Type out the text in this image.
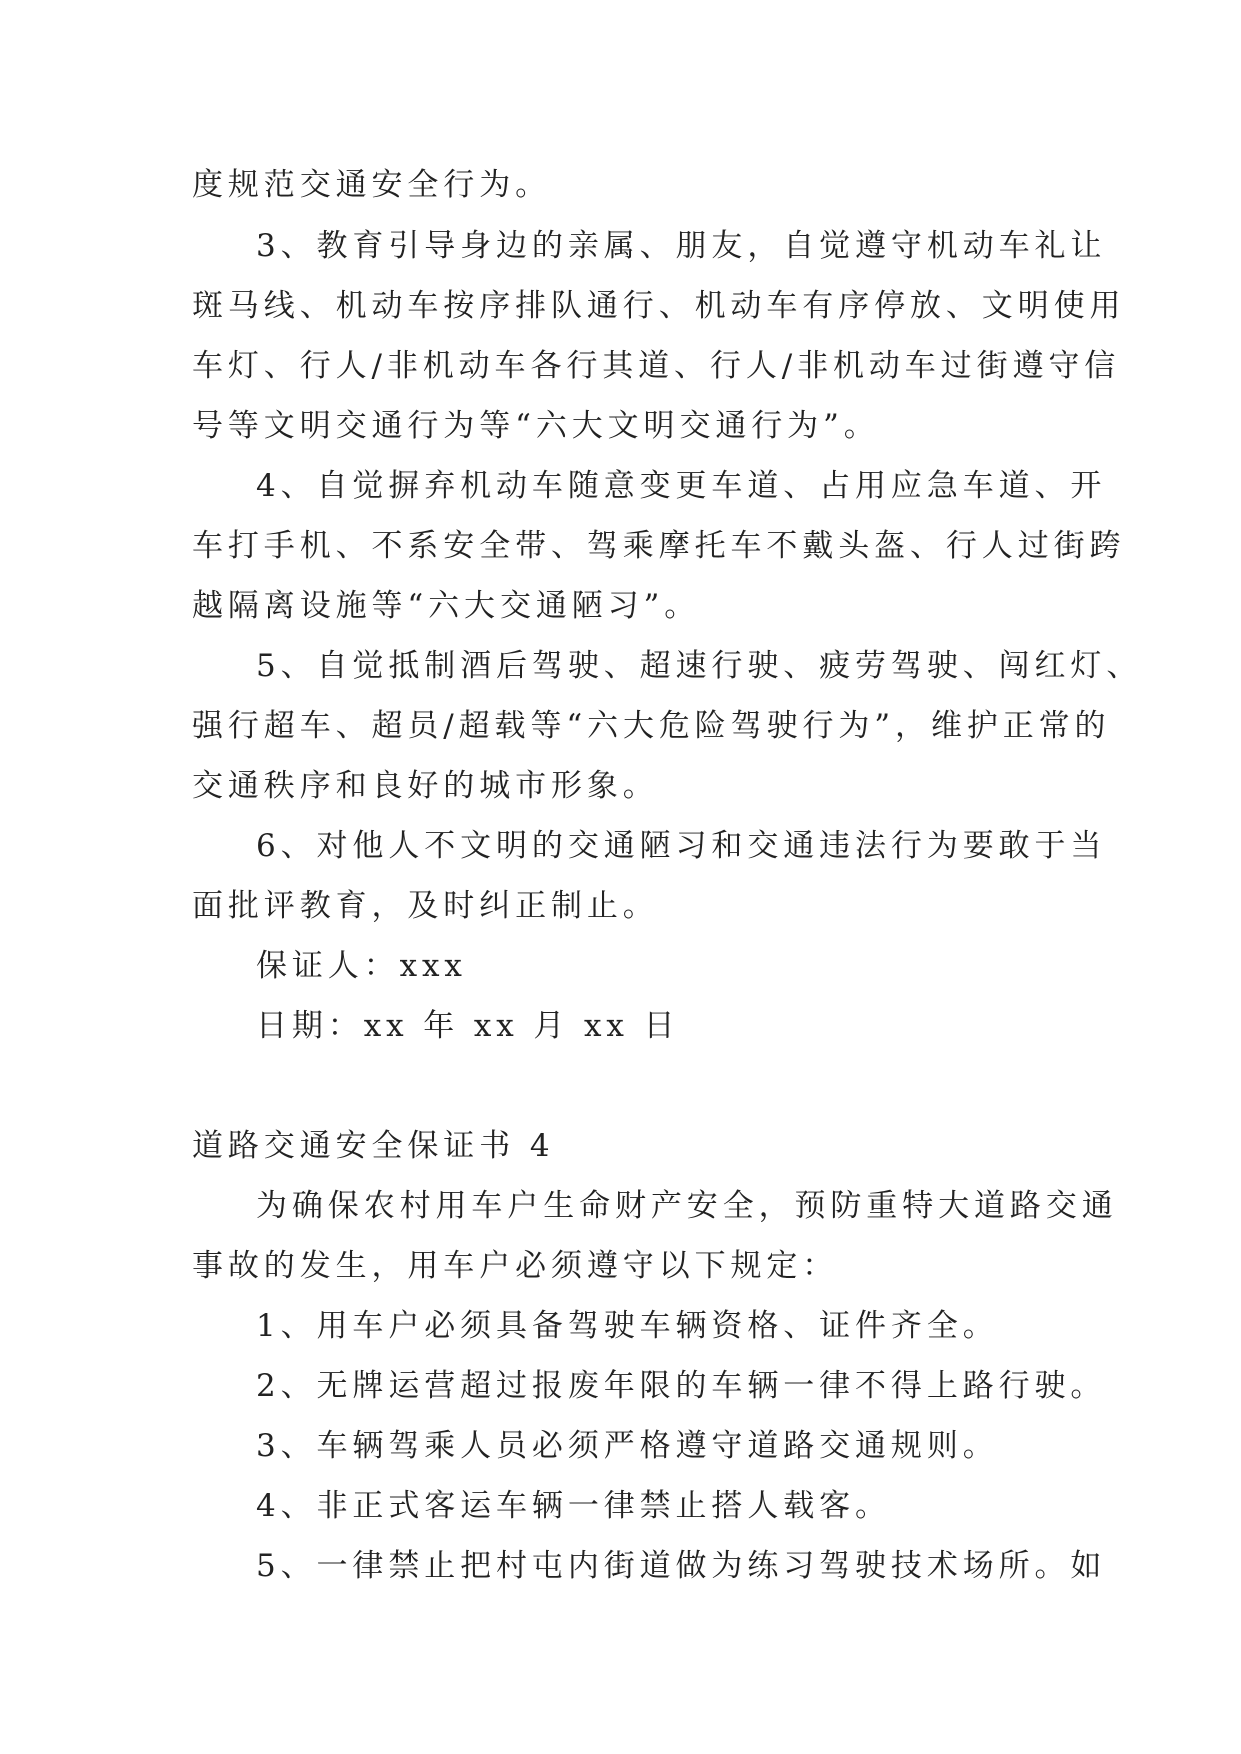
度规范交通安全行为。
3、教育引导身边的亲属、朋友，自觉遵守机动车礼让
斑马线、机动车按序排队通行、机动车有序停放、文明使用
车灯、行人/非机动车各行其道、行人/非机动车过街遵守信
号等文明交通行为等“六大文明交通行为”。
4、自觉摒弃机动车随意变更车道、占用应急车道、开
车打手机、不系安全带、驾乘摩托车不戴头盔、行人过街跨
越隔离设施等“六大交通陋习”。
5、自觉抵制酒后驾驶、超速行驶、疲劳驾驶、闯红灯、
强行超车、超员/超载等“六大危险驾驶行为”，维护正常的
交通秩序和良好的城市形象。
6、对他人不文明的交通陋习和交通违法行为要敢于当
面批评教育，及时纠正制止。
保证人：xxx
日期：xx 年 xx 月 xx 日
道路交通安全保证书 4
为确保农村用车户生命财产安全，预防重特大道路交通
事故的发生，用车户必须遵守以下规定：
1、用车户必须具备驾驶车辆资格、证件齐全。
2、无牌运营超过报废年限的车辆一律不得上路行驶。
3、车辆驾乘人员必须严格遵守道路交通规则。
4、非正式客运车辆一律禁止搭人载客。
5、一律禁止把村屯内街道做为练习驾驶技术场所。如
